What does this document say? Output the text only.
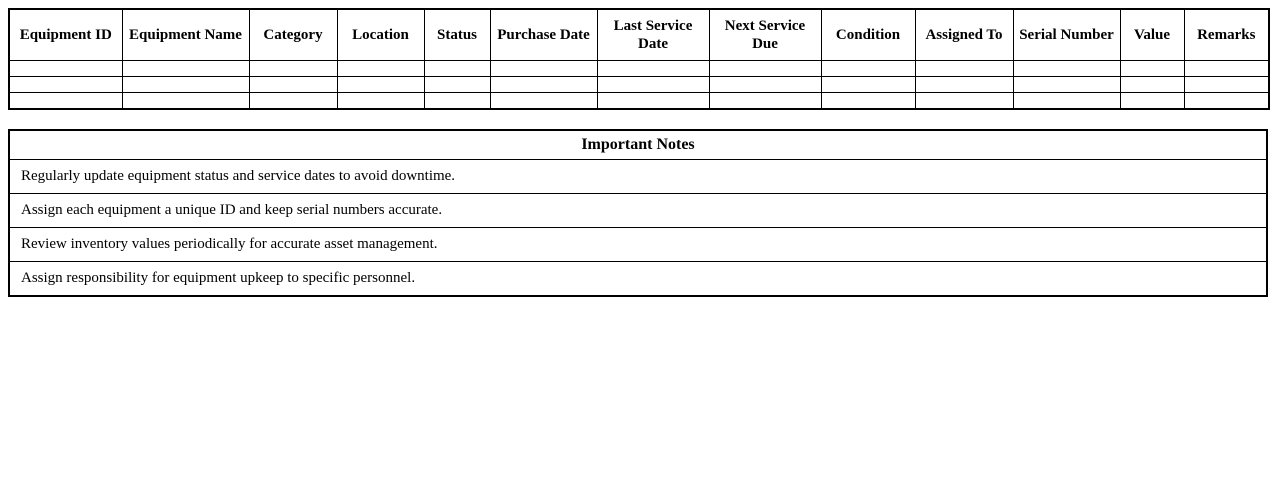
Equipment ID	Equipment Name	Category	Location	Status	Purchase Date	Last Service Date	Next Service Due	Condition	Assigned To	Serial Number	Value	Remarks

Important Notes
Regularly update equipment status and service dates to avoid downtime.
Assign each equipment a unique ID and keep serial numbers accurate.
Review inventory values periodically for accurate asset management.
Assign responsibility for equipment upkeep to specific personnel.
